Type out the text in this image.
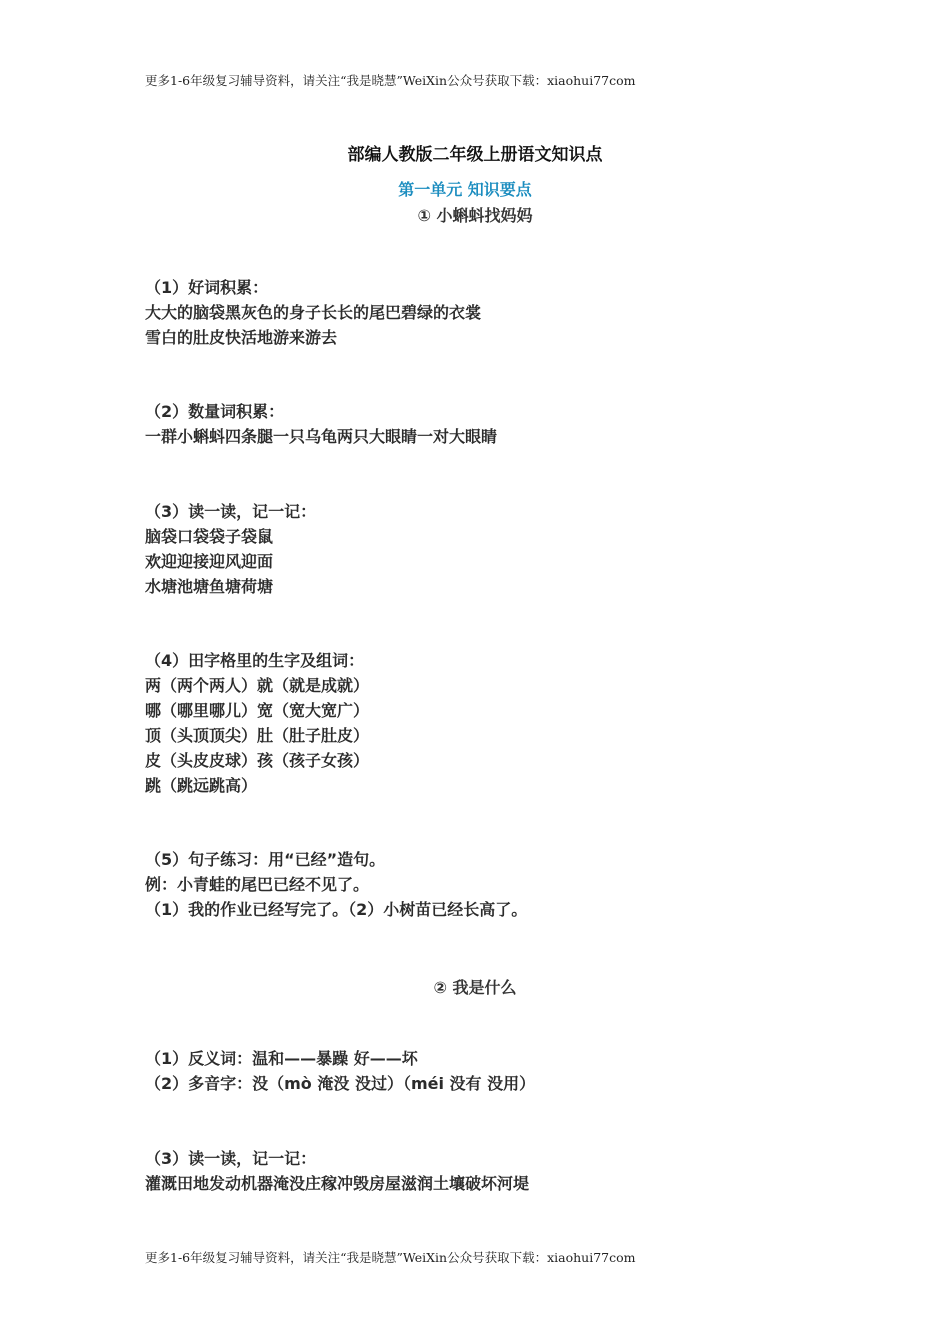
更多1-6年级复习辅导资料，请关注“我是晓慧”WeiXin公众号获取下载：xiaohui77com
部编人教版二年级上册语文知识点
第一单元 知识要点
① 小蝌蚪找妈妈
（1）好词积累：
大大的脑袋黑灰色的身子长长的尾巴碧绿的衣裳
雪白的肚皮快活地游来游去
（2）数量词积累：
一群小蝌蚪四条腿一只乌龟两只大眼睛一对大眼睛
（3）读一读，记一记：
脑袋口袋袋子袋鼠
欢迎迎接迎风迎面
水塘池塘鱼塘荷塘
（4）田字格里的生字及组词：
两（两个两人）就（就是成就）
哪（哪里哪儿）宽（宽大宽广）
顶（头顶顶尖）肚（肚子肚皮）
皮（头皮皮球）孩（孩子女孩）
跳（跳远跳高）
（5）句子练习：用“已经”造句。
例：小青蛙的尾巴已经不见了。
（1）我的作业已经写完了。（2）小树苗已经长高了。
② 我是什么
（1）反义词：温和——暴躁 好——坏
（2）多音字：没（mò 淹没 没过）（méi 没有 没用）
（3）读一读，记一记：
灌溉田地发动机器淹没庄稼冲毁房屋滋润土壤破坏河堤
更多1-6年级复习辅导资料，请关注“我是晓慧”WeiXin公众号获取下载：xiaohui77com
